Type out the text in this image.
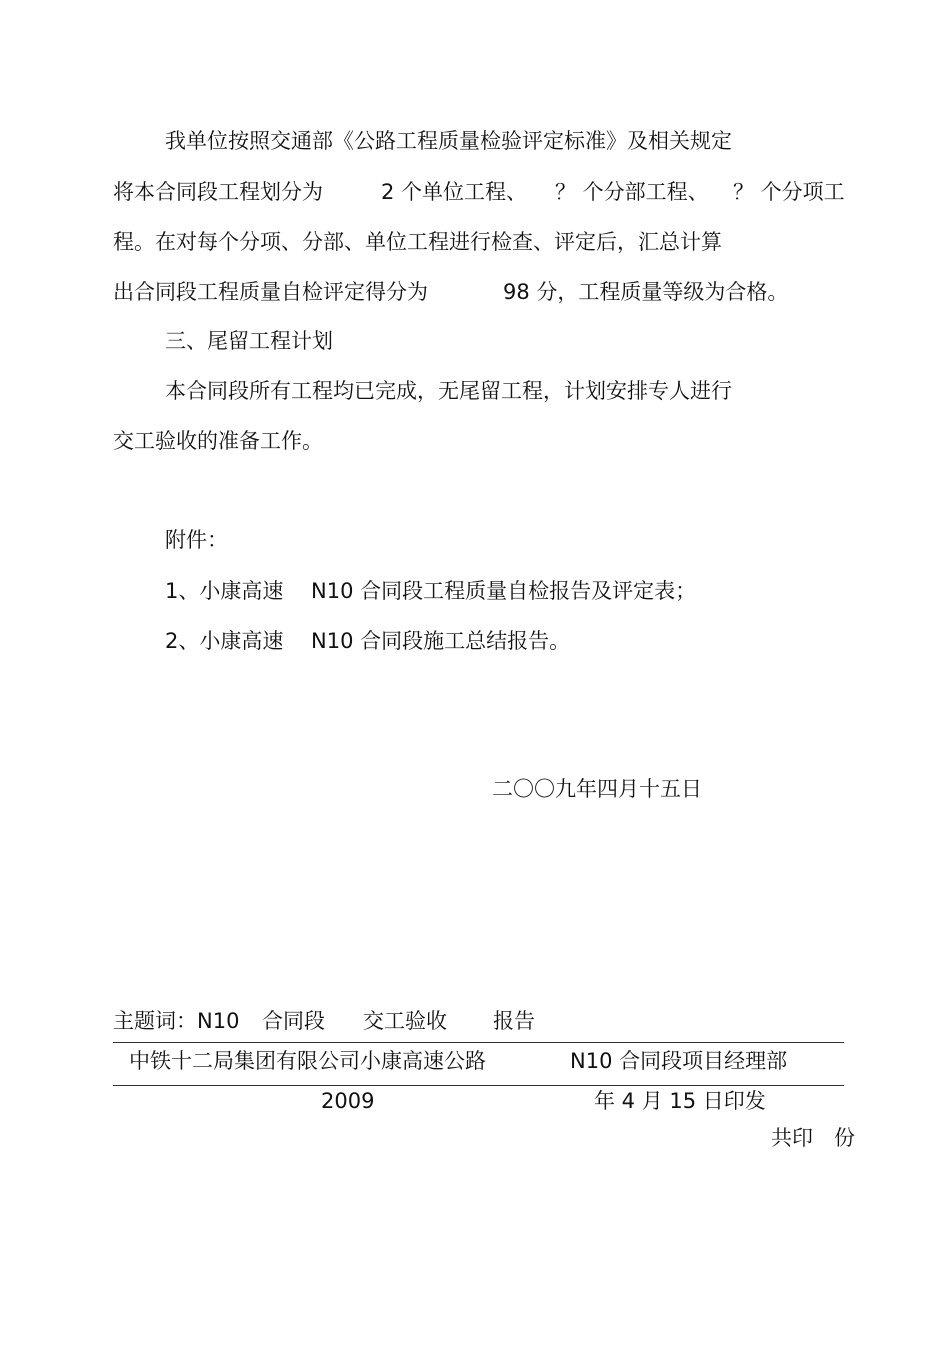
我单位按照交通部《公路工程质量检验评定标准》及相关规定
将本合同段工程划分为	2 个单位工程、 ？ 个分部工程、 ？ 个分项工
程。在对每个分项、分部、单位工程进行检查、评定后，汇总计算
出合同段工程质量自检评定得分为	98 分，工程质量等级为合格。
三、尾留工程计划
本合同段所有工程均已完成，无尾留工程，计划安排专人进行
交工验收的准备工作。
附件：
1、小康高速 N10 合同段工程质量自检报告及评定表；
2、小康高速 N10 合同段施工总结报告。
二〇〇九年四月十五日
主题词：N10 合同段 交工验收 报告
中铁十二局集团有限公司小康高速公路	N10 合同段项目经理部
2009	年 4 月 15 日印发
共印　份
